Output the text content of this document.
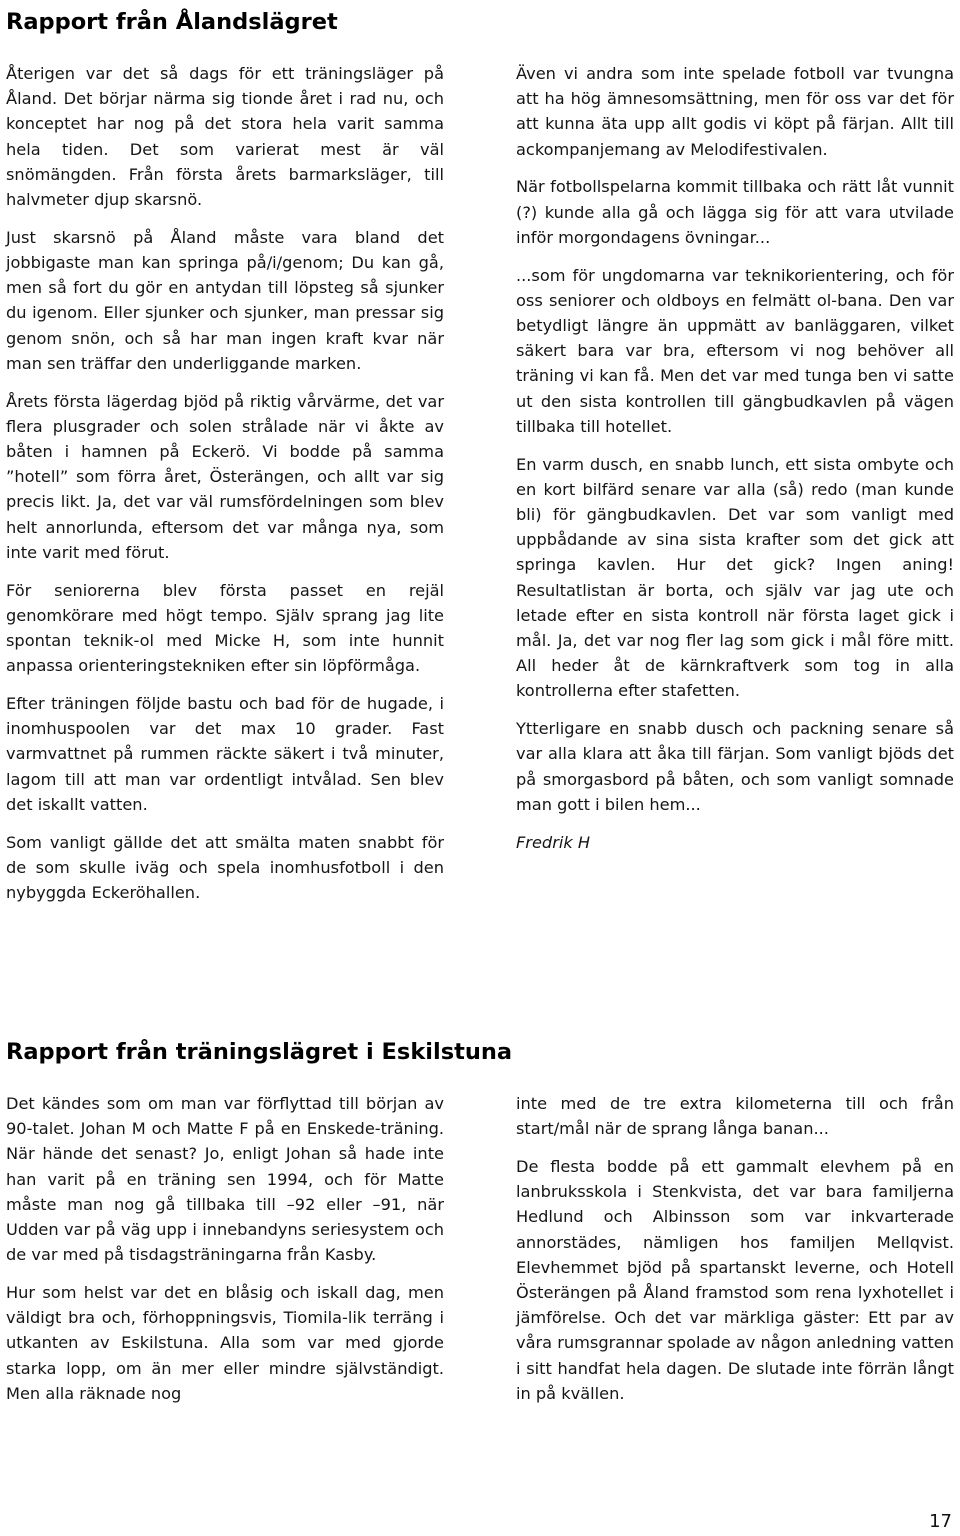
Rapport från Ålandslägret

Återigen var det så dags för ett träningsläger på Åland. Det börjar närma sig tionde året i rad nu, och konceptet har nog på det stora hela varit samma hela tiden. Det som varierat mest är väl snömängden. Från första årets barmarksläger, till halvmeter djup skarsnö.

Just skarsnö på Åland måste vara bland det jobbigaste man kan springa på/i/genom; Du kan gå, men så fort du gör en antydan till löpsteg så sjunker du igenom. Eller sjunker och sjunker, man pressar sig genom snön, och så har man ingen kraft kvar när man sen träffar den underliggande marken.

Årets första lägerdag bjöd på riktig vårvärme, det var flera plusgrader och solen strålade när vi åkte av båten i hamnen på Eckerö. Vi bodde på samma ”hotell” som förra året, Österängen, och allt var sig precis likt. Ja, det var väl rumsfördelningen som blev helt annorlunda, eftersom det var många nya, som inte varit med förut.

För seniorerna blev första passet en rejäl genomkörare med högt tempo. Själv sprang jag lite spontan teknik-ol med Micke H, som inte hunnit anpassa orienteringstekniken efter sin löpförmåga.

Efter träningen följde bastu och bad för de hugade, i inomhuspoolen var det max 10 grader. Fast varmvattnet på rummen räckte säkert i två minuter, lagom till att man var ordentligt intvålad. Sen blev det iskallt vatten.

Som vanligt gällde det att smälta maten snabbt för de som skulle iväg och spela inomhusfotboll i den nybyggda Eckeröhallen.

Även vi andra som inte spelade fotboll var tvungna att ha hög ämnesomsättning, men för oss var det för att kunna äta upp allt godis vi köpt på färjan. Allt till ackompanjemang av Melodifestivalen.

När fotbollspelarna kommit tillbaka och rätt låt vunnit (?) kunde alla gå och lägga sig för att vara utvilade inför morgondagens övningar...

...som för ungdomarna var teknikorientering, och för oss seniorer och oldboys en felmätt ol-bana. Den var betydligt längre än uppmätt av banläggaren, vilket säkert bara var bra, eftersom vi nog behöver all träning vi kan få. Men det var med tunga ben vi satte ut den sista kontrollen till gängbudkavlen på vägen tillbaka till hotellet.

En varm dusch, en snabb lunch, ett sista ombyte och en kort bilfärd senare var alla (så) redo (man kunde bli) för gängbudkavlen. Det var som vanligt med uppbådande av sina sista krafter som det gick att springa kavlen. Hur det gick? Ingen aning! Resultatlistan är borta, och själv var jag ute och letade efter en sista kontroll när första laget gick i mål. Ja, det var nog fler lag som gick i mål före mitt. All heder åt de kärnkraftverk som tog in alla kontrollerna efter stafetten.

Ytterligare en snabb dusch och packning senare så var alla klara att åka till färjan. Som vanligt bjöds det på smorgasbord på båten, och som vanligt somnade man gott i bilen hem...

Fredrik H

Rapport från träningslägret i Eskilstuna

Det kändes som om man var förflyttad till början av 90-talet. Johan M och Matte F på en Enskede-träning. När hände det senast? Jo, enligt Johan så hade inte han varit på en träning sen 1994, och för Matte måste man nog gå tillbaka till –92 eller –91, när Udden var på väg upp i innebandyns seriesystem och de var med på tisdagsträningarna från Kasby.

Hur som helst var det en blåsig och iskall dag, men väldigt bra och, förhoppningsvis, Tiomila-lik terräng i utkanten av Eskilstuna. Alla som var med gjorde starka lopp, om än mer eller mindre självständigt. Men alla räknade nog

inte med de tre extra kilometerna till och från start/mål när de sprang långa banan...

De flesta bodde på ett gammalt elevhem på en lanbruksskola i Stenkvista, det var bara familjerna Hedlund och Albinsson som var inkvarterade annorstädes, nämligen hos familjen Mellqvist. Elevhemmet bjöd på spartanskt leverne, och Hotell Österängen på Åland framstod som rena lyxhotellet i jämförelse. Och det var märkliga gäster: Ett par av våra rumsgrannar spolade av någon anledning vatten i sitt handfat hela dagen. De slutade inte förrän långt in på kvällen.

17
